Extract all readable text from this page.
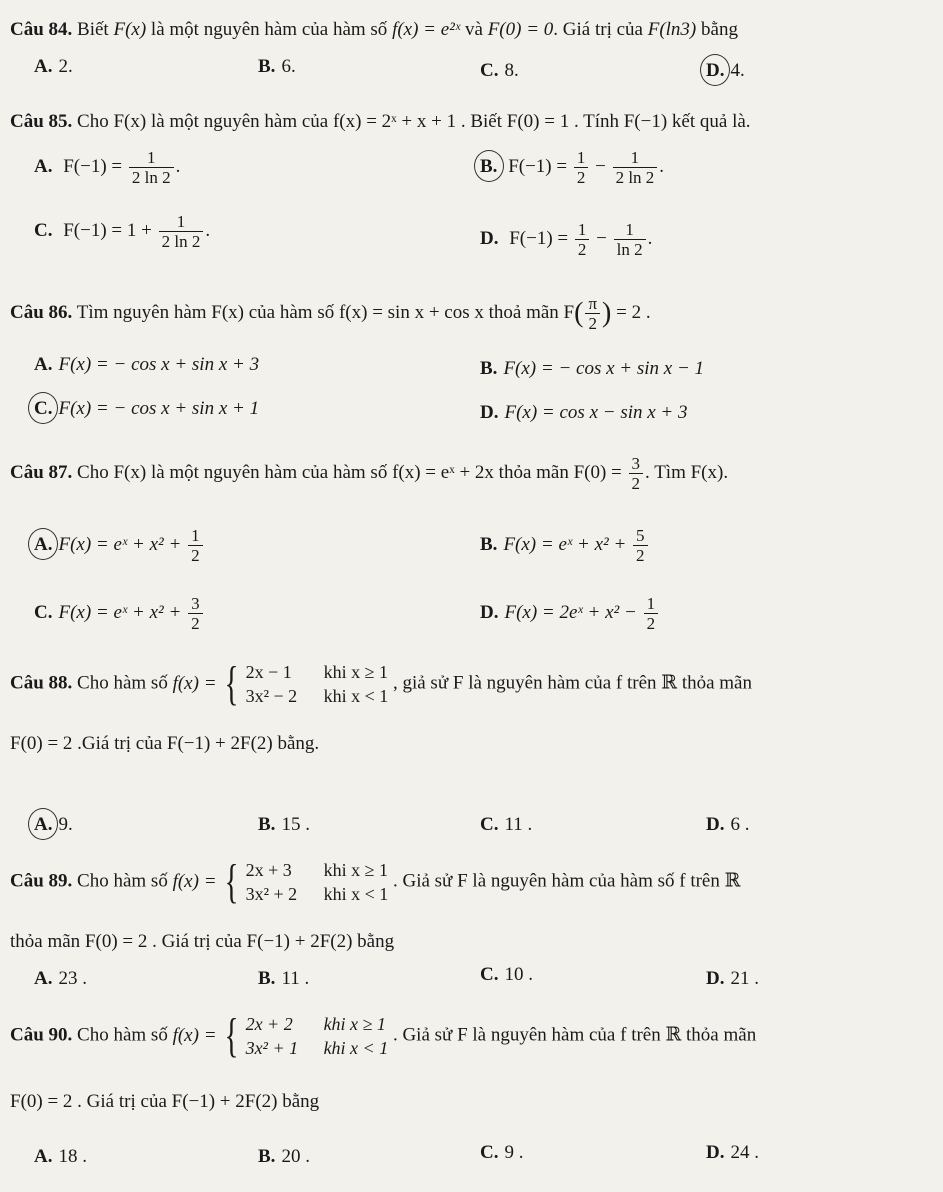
Câu 84. Biết F(x) là một nguyên hàm của hàm số f(x) = e²ˣ và F(0) = 0. Giá trị của F(ln3) bằng
A. 2.	B. 6.	C. 8.	D. 4.
Câu 85. Cho F(x) là một nguyên hàm của f(x) = 2ˣ + x + 1 . Biết F(0) = 1 . Tính F(−1) kết quả là.
A. $F(-1) = \frac{1}{2 \ln 2}$ .	B. $F(-1) = \frac{1}{2} - \frac{1}{2 \ln 2}$ .
C. $F(-1) = 1 + \frac{1}{2 \ln 2}$ .	D. $F(-1) = \frac{1}{2} - \frac{1}{\ln 2}$ .
Câu 86. Tìm nguyên hàm F(x) của hàm số f(x) = sin x + cos x thoả mãn $F( \frac{\pi}{2}$ ) = 2 .
A. F(x) = − cos x + sin x + 3	B. F(x) = − cos x + sin x − 1
C. F(x) = − cos x + sin x + 1	D. F(x) = cos x − sin x + 3
Câu 87. Cho F(x) là một nguyên hàm của hàm số f(x) = eˣ + 2x thỏa mãn $F(0) = \frac{3}{2}$ . Tìm F(x).
A. F(x) = eˣ + $x^2 + \frac{1}{2}$	B. F(x) = eˣ + $x^2 + \frac{5}{2}$
C. F(x) = eˣ + $x^2 + \frac{3}{2}$	D. F(x) = 2eˣ + $x^2 - \frac{1}{2}$
Câu 88. Cho hàm số f(x) = { 2x − 1 khi x ≥ 1
3x² − 2 khi x < 1
, giả sử F là nguyên hàm của f trên ℝ thỏa mãn
F(0) = 2 .Giá trị của F(−1) + 2F(2) bằng.
A. 9.	B. 15 .	C. 11 .	D. 6 .
Câu 89. Cho hàm số f(x) = { 2x + 3 khi x ≥ 1
3x² + 2 khi x < 1
. Giả sử F là nguyên hàm của hàm số f trên ℝ
thỏa mãn F(0) = 2 . Giá trị của F(−1) + 2F(2) bằng
A. 23 .	B. 11 .	C. 10 .	D. 21 .
Câu 90. Cho hàm số f(x) = { 2x + 2 khi x ≥ 1
3x² + 1 khi x < 1
. Giả sử F là nguyên hàm của f trên ℝ thỏa mãn
F(0) = 2 . Giá trị của F(−1) + 2F(2) bằng
A. 18 .	B. 20 .	C. 9 .	D. 24 .
